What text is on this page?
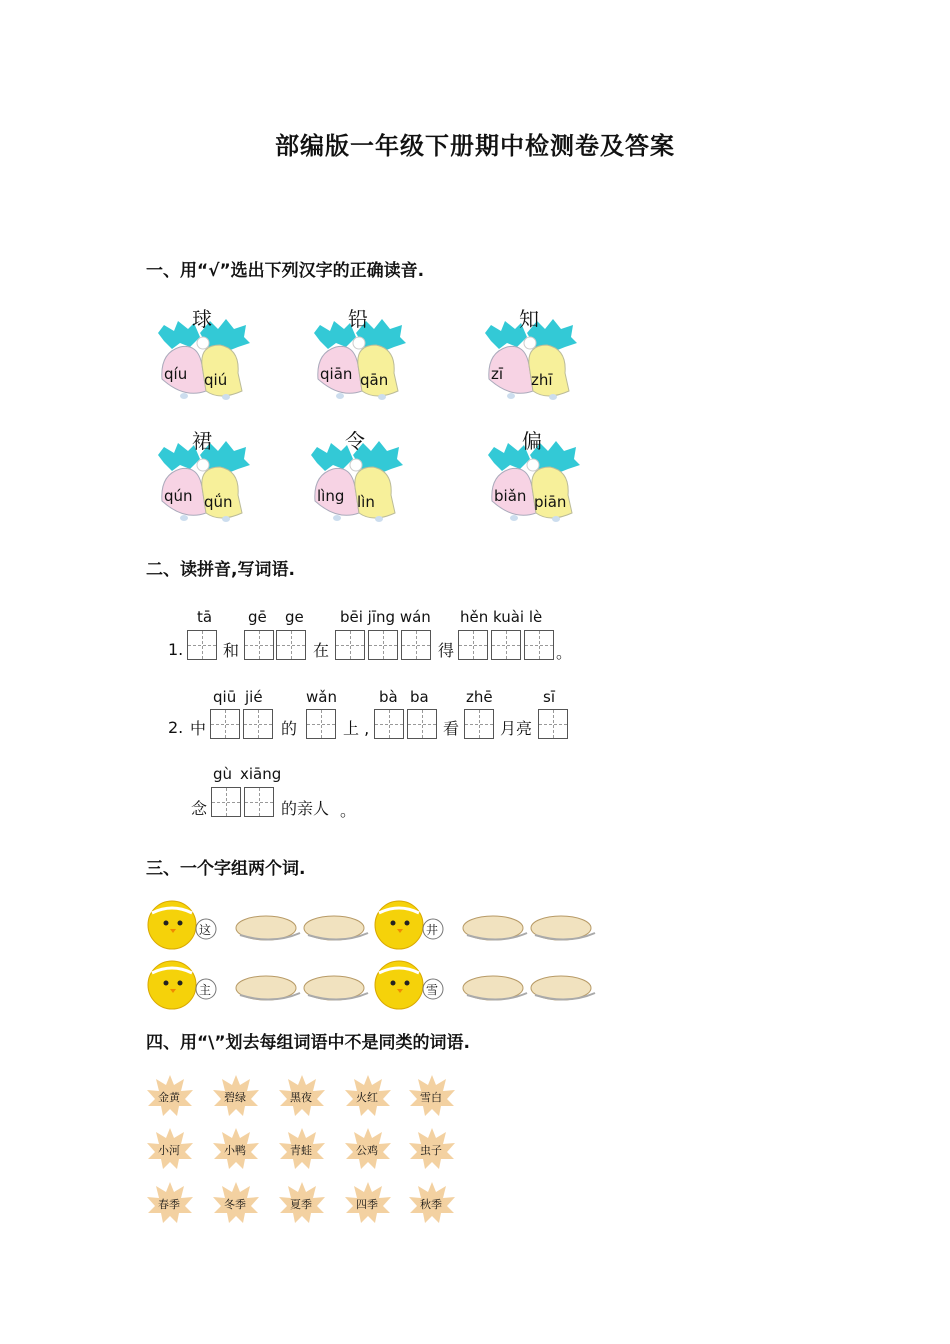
部编版一年级下册期中检测卷及答案
一、用“√”选出下列汉字的正确读音.
球
qíu qiú
铅
qiān qān
知
zī zhī
裙
qún qǘn
令
lìng lìn
偏
biǎn piān
二、读拼音,写词语.
1.
tā gē ge bēi jīng wán hěn kuài lè
和	在	得	。
2.
qiū jié	wǎn	bà ba zhē	sī
中	的	上 ,	看	月亮
gù xiāng
念	的亲人 。
三、一个字组两个词.
这	井
主	雪
四、用“\”划去每组词语中不是同类的词语.
金黄	碧绿	黑夜	火红	雪白
小河	小鸭	青蛙	公鸡	虫子
春季	冬季	夏季	四季	秋季
